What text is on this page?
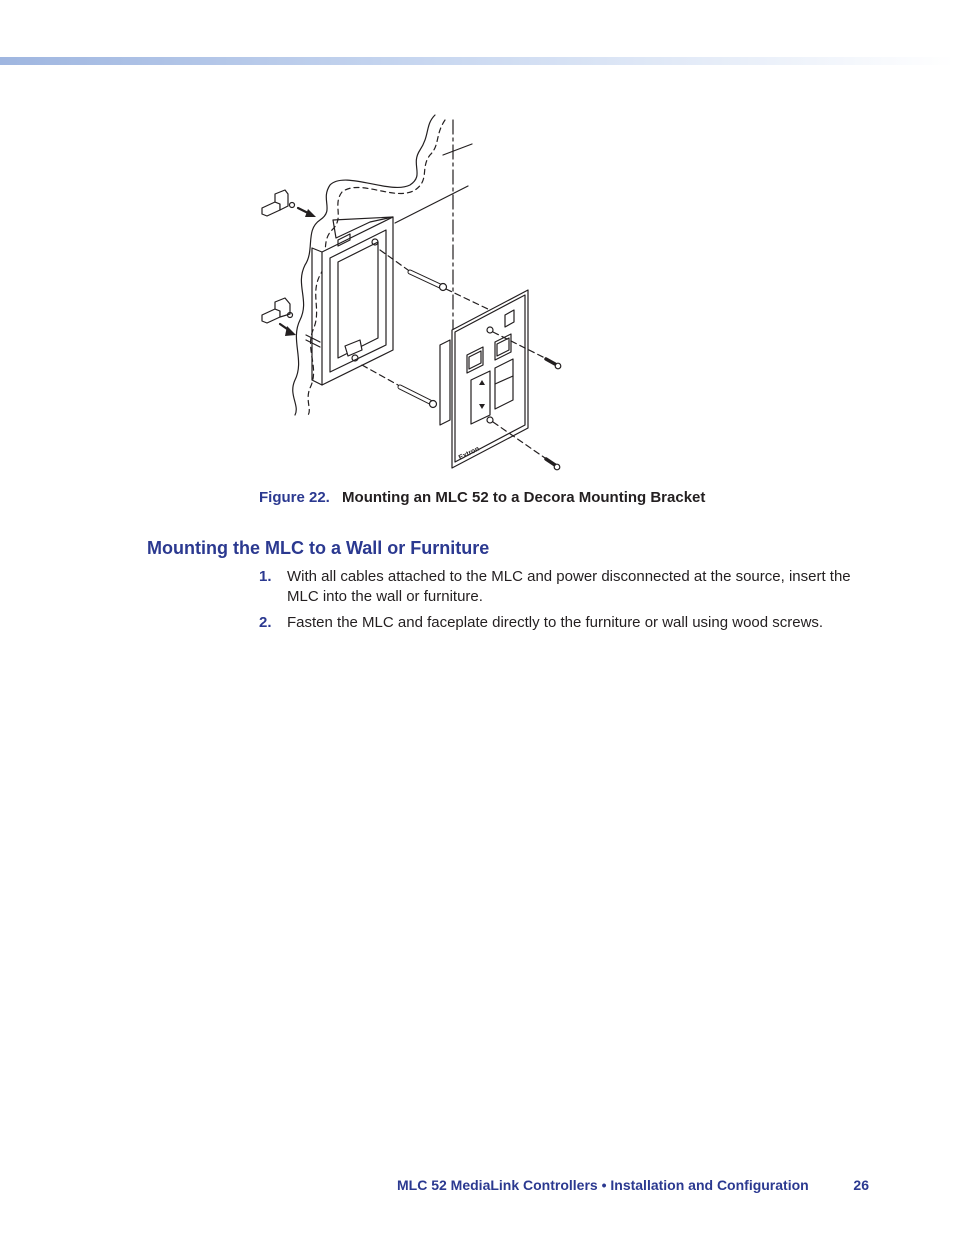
Extron
Figure 22. Mounting an MLC 52 to a Decora Mounting Bracket
Mounting the MLC to a Wall or Furniture
1. With all cables attached to the MLC and power disconnected at the source, insert the MLC into the wall or furniture.
2. Fasten the MLC and faceplate directly to the furniture or wall using wood screws.
MLC 52 MediaLink Controllers • Installation and Configuration	26
